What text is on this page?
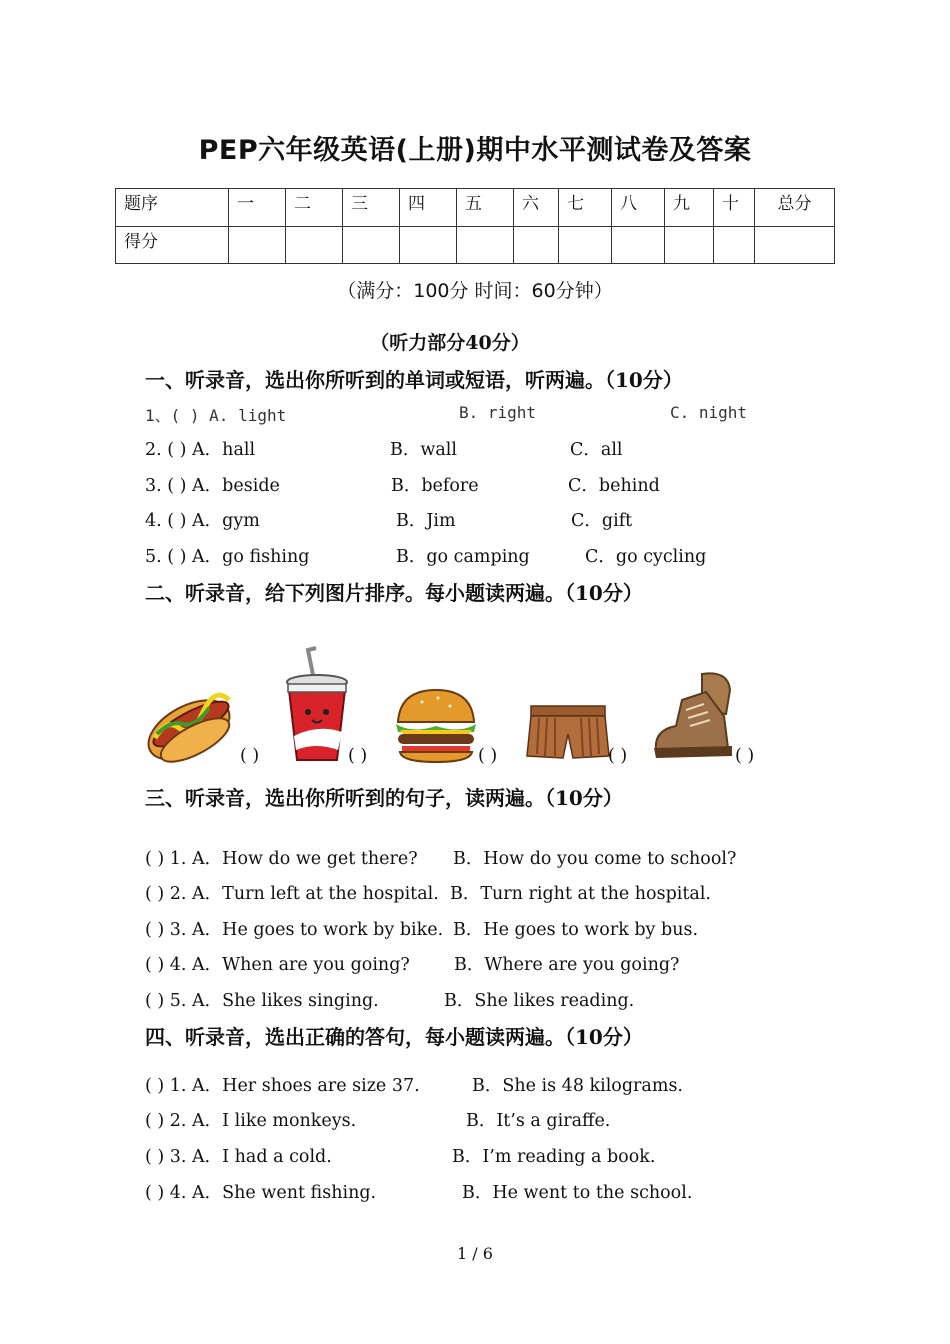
PEP六年级英语(上册)期中水平测试卷及答案
题序	一	二	三	四	五	六	七	八	九	十	总分
得分											
（满分：100分 时间：60分钟）
（听力部分40分）
一、听录音，选出你所听到的单词或短语，听两遍。（10分）
1、( ) A. light	B. right	C. night
2. ( ) A．hall	B．wall	C．all
3. ( ) A．beside	B．before	C．behind
4. ( ) A．gym	B．Jim	C．gift
5. ( ) A．go fishing	B．go camping	C．go cycling
二、听录音，给下列图片排序。每小题读两遍。（10分）
( )	( )	( )	( )	( )
三、听录音，选出你所听到的句子，读两遍。（10分）
( ) 1. A．How do we get there? B．How do you come to school?
( ) 2. A．Turn left at the hospital. B．Turn right at the hospital.
( ) 3. A．He goes to work by bike. B．He goes to work by bus.
( ) 4. A．When are you going?	B．Where are you going?
( ) 5. A．She likes singing.	B．She likes reading.
四、听录音，选出正确的答句，每小题读两遍。（10分）
( ) 1. A．Her shoes are size 37.	B．She is 48 kilograms.
( ) 2. A．I like monkeys.	B．It’s a giraffe.
( ) 3. A．I had a cold.	B．I’m reading a book.
( ) 4. A．She went fishing.	B．He went to the school.
1 / 6
